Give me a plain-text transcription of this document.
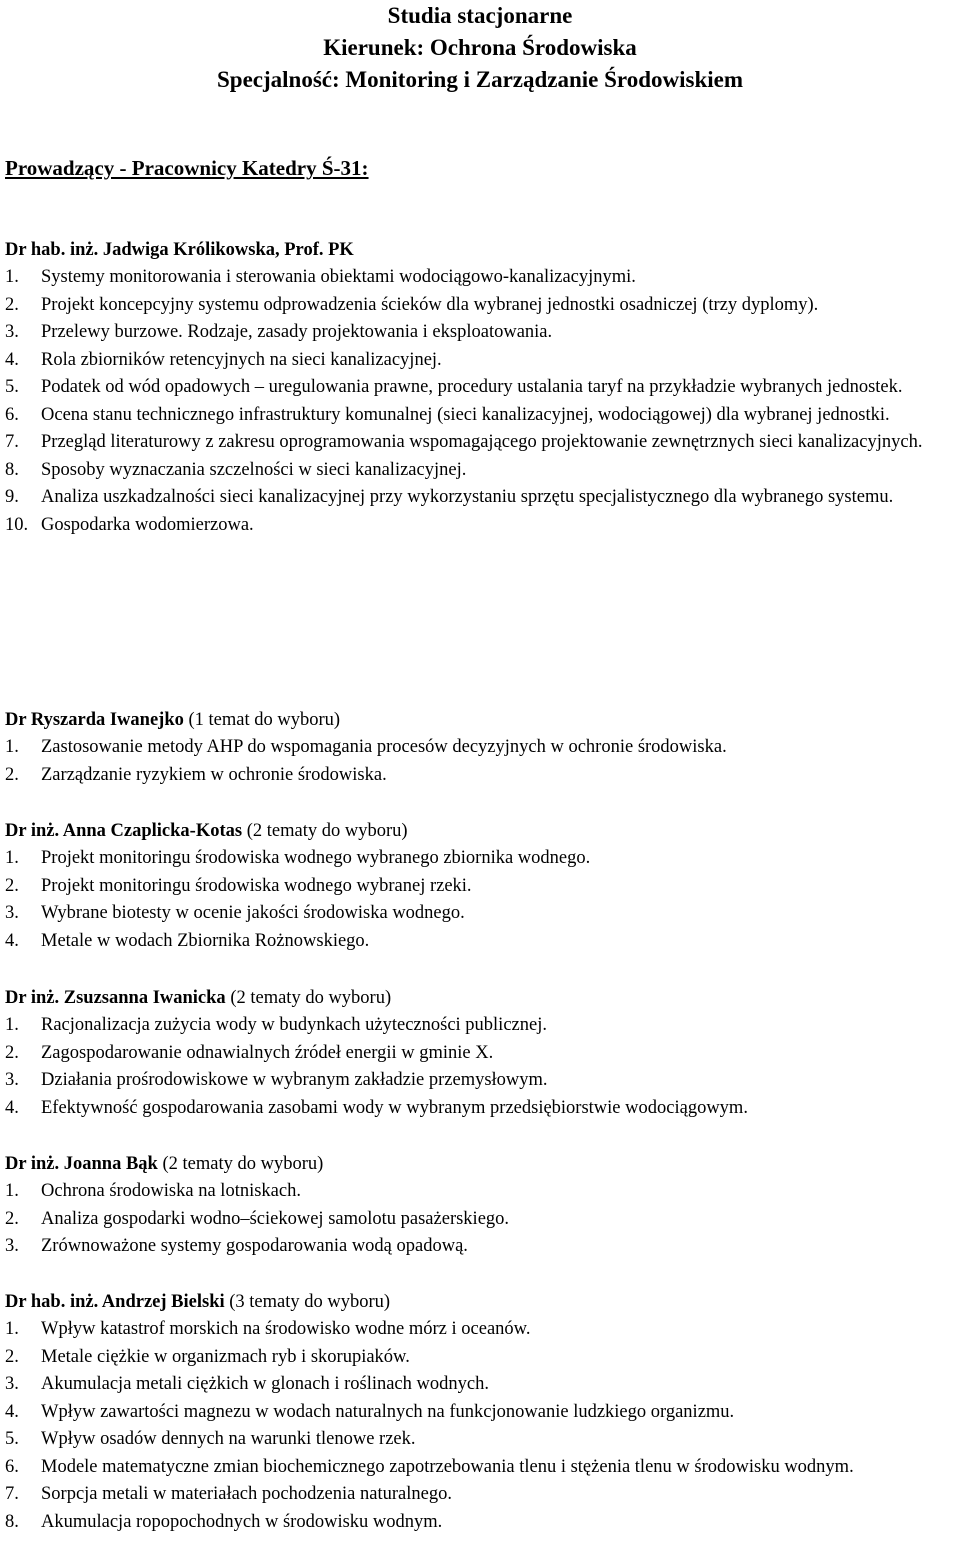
Studia stacjonarne
Kierunek: Ochrona Środowiska
Specjalność: Monitoring i Zarządzanie Środowiskiem
Prowadzący - Pracownicy Katedry Ś-31:
Dr hab. inż. Jadwiga Królikowska, Prof. PK
1.	Systemy monitorowania i sterowania obiektami wodociągowo-kanalizacyjnymi.
2.	Projekt koncepcyjny systemu odprowadzenia ścieków dla wybranej jednostki osadniczej (trzy dyplomy).
3.	Przelewy burzowe. Rodzaje, zasady projektowania i eksploatowania.
4.	Rola zbiorników retencyjnych na sieci kanalizacyjnej.
5.	Podatek od wód opadowych – uregulowania prawne, procedury ustalania taryf na przykładzie wybranych jednostek.
6.	Ocena stanu technicznego infrastruktury komunalnej (sieci kanalizacyjnej, wodociągowej) dla wybranej jednostki.
7.	Przegląd literaturowy z zakresu oprogramowania wspomagającego projektowanie zewnętrznych sieci kanalizacyjnych.
8.	Sposoby wyznaczania szczelności w sieci kanalizacyjnej.
9.	Analiza uszkadzalności sieci kanalizacyjnej przy wykorzystaniu sprzętu specjalistycznego dla wybranego systemu.
10. Gospodarka wodomierzowa.
Dr Ryszarda Iwanejko (1 temat do wyboru)
1.	Zastosowanie metody AHP do wspomagania procesów decyzyjnych w ochronie środowiska.
2.	Zarządzanie ryzykiem w ochronie środowiska.
Dr inż. Anna Czaplicka-Kotas (2 tematy do wyboru)
1.	Projekt monitoringu środowiska wodnego wybranego zbiornika wodnego.
2.	Projekt monitoringu środowiska wodnego wybranej rzeki.
3.	Wybrane biotesty w ocenie jakości środowiska wodnego.
4.	Metale w wodach Zbiornika Rożnowskiego.
Dr inż. Zsuzsanna Iwanicka (2 tematy do wyboru)
1.	Racjonalizacja zużycia wody w budynkach użyteczności publicznej.
2.	Zagospodarowanie odnawialnych źródeł energii w gminie X.
3.	Działania prośrodowiskowe w wybranym zakładzie przemysłowym.
4.	Efektywność gospodarowania zasobami wody w wybranym przedsiębiorstwie wodociągowym.
Dr inż. Joanna Bąk (2 tematy do wyboru)
1.	Ochrona środowiska na lotniskach.
2.	Analiza gospodarki wodno–ściekowej samolotu pasażerskiego.
3.	Zrównoważone systemy gospodarowania wodą opadową.
Dr hab. inż. Andrzej Bielski (3 tematy do wyboru)
1.	Wpływ katastrof morskich na środowisko wodne mórz i oceanów.
2.	Metale ciężkie w organizmach ryb i skorupiaków.
3.	Akumulacja metali ciężkich w glonach i roślinach wodnych.
4.	Wpływ zawartości magnezu w wodach naturalnych na funkcjonowanie ludzkiego organizmu.
5.	Wpływ osadów dennych na warunki tlenowe rzek.
6.	Modele matematyczne zmian biochemicznego zapotrzebowania tlenu i stężenia tlenu w środowisku wodnym.
7.	Sorpcja metali w materiałach pochodzenia naturalnego.
8.	Akumulacja ropopochodnych w środowisku wodnym.
